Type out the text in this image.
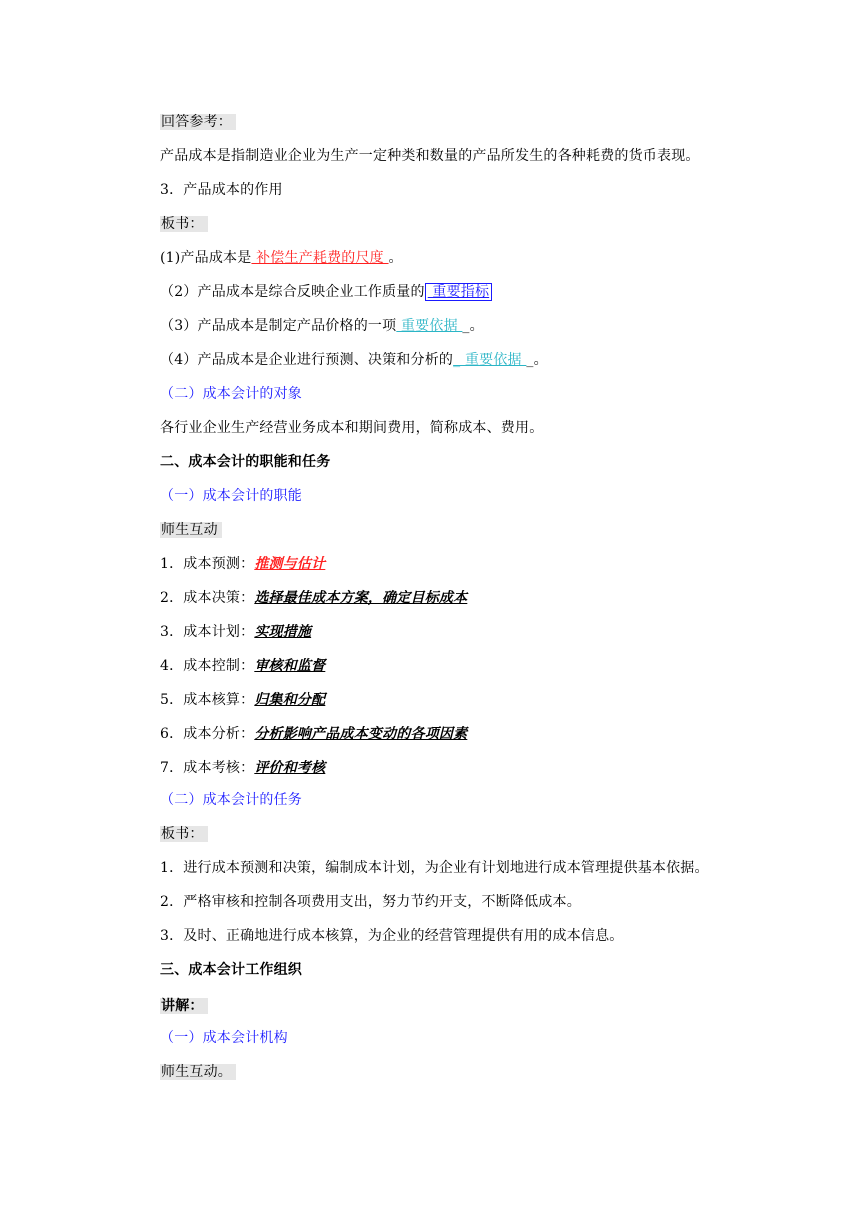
回答参考：
产品成本是指制造业企业为生产一定种类和数量的产品所发生的各种耗费的货币表现。
3．产品成本的作用
板书：
(1)产品成本是 补偿生产耗费的尺度 。
（2）产品成本是综合反映企业工作质量的 重要指标
（3）产品成本是制定产品价格的一项 重要依据 _。
（4）产品成本是企业进行预测、决策和分析的_ 重要依据 _。
（二）成本会计的对象
各行业企业生产经营业务成本和期间费用，简称成本、费用。
二、成本会计的职能和任务
（一）成本会计的职能
师生互动
1．成本预测：推测与估计
2．成本决策：选择最佳成本方案，确定目标成本
3．成本计划：实现措施
4．成本控制：审核和监督
5．成本核算：归集和分配
6．成本分析：分析影响产品成本变动的各项因素
7．成本考核：评价和考核
（二）成本会计的任务
板书：
1．进行成本预测和决策，编制成本计划，为企业有计划地进行成本管理提供基本依据。
2．严格审核和控制各项费用支出，努力节约开支，不断降低成本。
3．及时、正确地进行成本核算，为企业的经营管理提供有用的成本信息。
三、成本会计工作组织
讲解：
（一）成本会计机构
师生互动。
